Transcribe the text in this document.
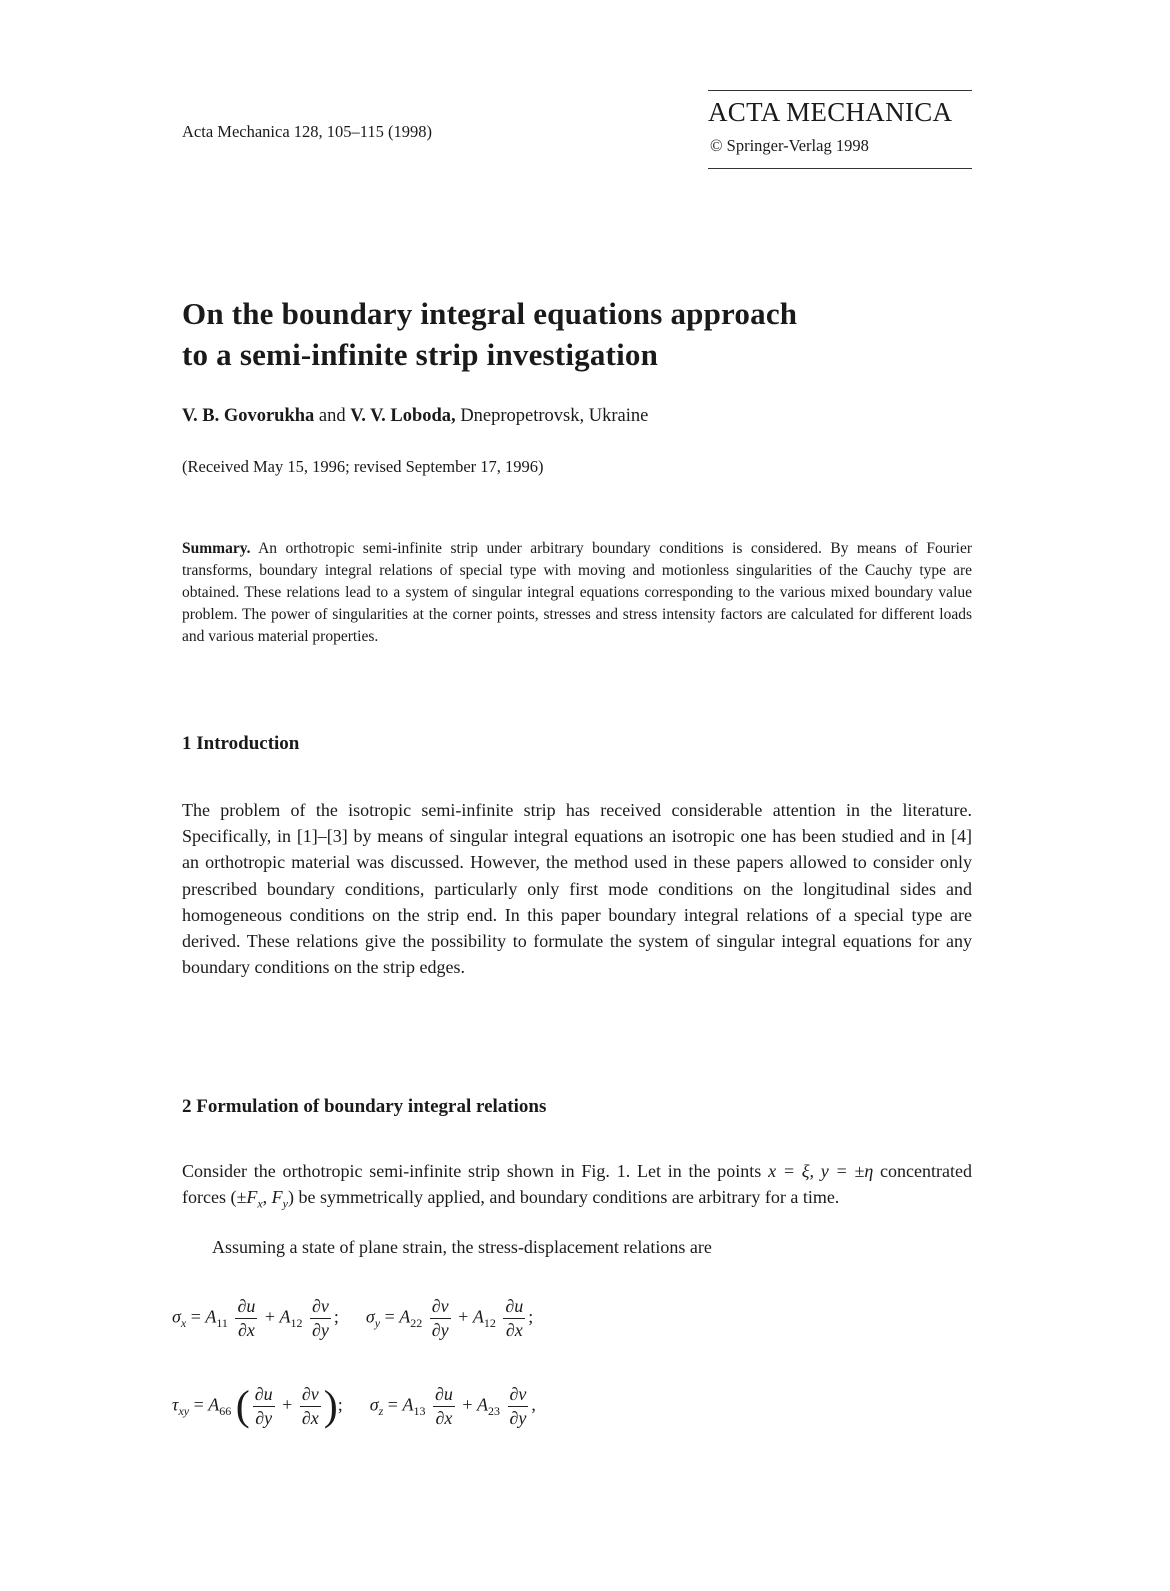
Acta Mechanica 128, 105–115 (1998)
ACTA MECHANICA
© Springer-Verlag 1998
On the boundary integral equations approach
to a semi-infinite strip investigation
V. B. Govorukha and V. V. Loboda, Dnepropetrovsk, Ukraine
(Received May 15, 1996; revised September 17, 1996)
Summary. An orthotropic semi-infinite strip under arbitrary boundary conditions is considered. By means of Fourier transforms, boundary integral relations of special type with moving and motionless singularities of the Cauchy type are obtained. These relations lead to a system of singular integral equations corresponding to the various mixed boundary value problem. The power of singularities at the corner points, stresses and stress intensity factors are calculated for different loads and various material properties.
1 Introduction
The problem of the isotropic semi-infinite strip has received considerable attention in the literature. Specifically, in [1]–[3] by means of singular integral equations an isotropic one has been studied and in [4] an orthotropic material was discussed. However, the method used in these papers allowed to consider only prescribed boundary conditions, particularly only first mode conditions on the longitudinal sides and homogeneous conditions on the strip end. In this paper boundary integral relations of a special type are derived. These relations give the possibility to formulate the system of singular integral equations for any boundary conditions on the strip edges.
2 Formulation of boundary integral relations
Consider the orthotropic semi-infinite strip shown in Fig. 1. Let in the points x = ξ, y = ±η concentrated forces ($\pm F_x$, $F_y$) be symmetrically applied, and boundary conditions are arbitrary for a time.
Assuming a state of plane strain, the stress-displacement relations are
$\sigma_x = A_{11} \frac{\partial u}{\partial x} + A_{12} \frac{\partial v}{\partial y}$ ;      $\sigma_y = A_{22} \frac{\partial v}{\partial y} + A_{12} \frac{\partial u}{\partial x}$ ;
$\tau_{xy} = A_{66}$ ( $\frac{\partial u}{\partial y} + \frac{\partial v}{\partial x}$ );      $\sigma_z = A_{13} \frac{\partial u}{\partial x} + A_{23} \frac{\partial v}{\partial y}$ ,
